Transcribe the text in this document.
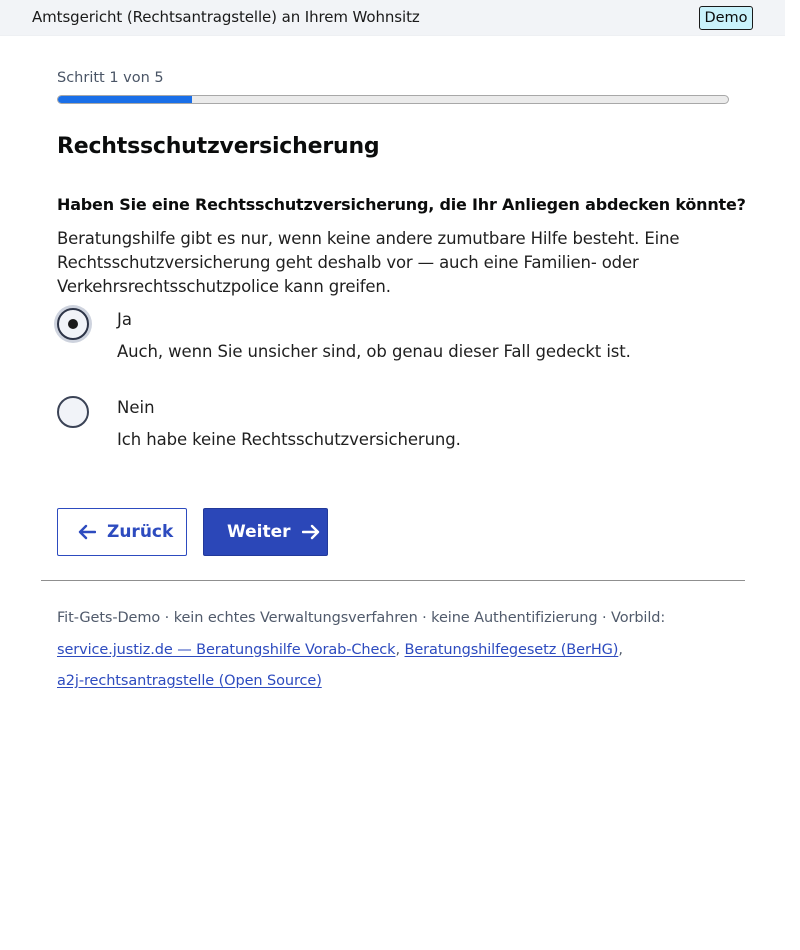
Amtsgericht (Rechtsantragstelle) an Ihrem Wohnsitz	Demo
Schritt 1 von 5
Rechtsschutzversicherung
Haben Sie eine Rechtsschutzversicherung, die Ihr Anliegen abdecken könnte?
Beratungshilfe gibt es nur, wenn keine andere zumutbare Hilfe besteht. Eine Rechtsschutzversicherung geht deshalb vor — auch eine Familien- oder Verkehrsrechtsschutzpolice kann greifen.
Ja
Auch, wenn Sie unsicher sind, ob genau dieser Fall gedeckt ist.
Nein
Ich habe keine Rechtsschutzversicherung.
Zurück	Weiter
Fit-Gets-Demo · kein echtes Verwaltungsverfahren · keine Authentifizierung · Vorbild:
service.justiz.de — Beratungshilfe Vorab-Check, Beratungshilfegesetz (BerHG),
a2j-rechtsantragstelle (Open Source)
